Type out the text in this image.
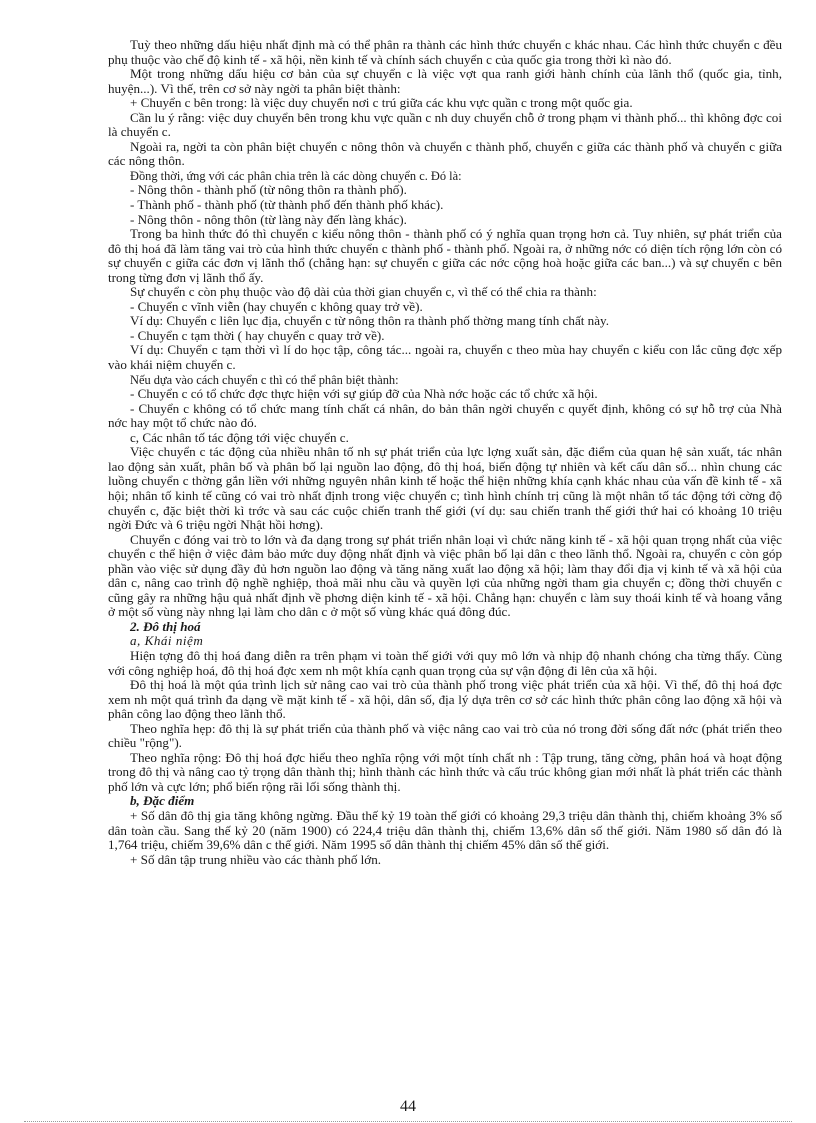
Tuỳ theo những dấu hiệu nhất định mà có thể phân ra thành các hình thức chuyển c khác nhau. Các hình thức chuyển c đều phụ thuộc vào chế độ kinh tế - xã hội, nền kinh tế và chính sách chuyển c của quốc gia trong thời kì nào đó.

Một trong những dấu hiệu cơ bản của sự chuyển c là việc vợt qua ranh giới hành chính của lãnh thổ (quốc gia, tỉnh, huyện...). Vì thế, trên cơ sở này ngời ta phân biệt thành:

+ Chuyển c bên trong: là việc duy chuyển nơi c trú giữa các khu vực quần c trong một quốc gia.

Cần lu ý rằng: việc duy chuyển bên trong khu vực quần c nh duy chuyển chỗ ở trong phạm vi thành phố... thì không đợc coi là chuyển c.

Ngoài ra, ngời ta còn phân biệt chuyển c nông thôn và chuyển c thành phố, chuyển c giữa các thành phố và chuyển c giữa các nông thôn.

Đồng thời, ứng với các phân chia trên là các dòng chuyển c. Đó là:

- Nông thôn - thành phố (từ nông thôn ra thành phố).

- Thành phố - thành phố (từ thành phố đến thành phố khác).

- Nông thôn - nông thôn (từ làng này đến làng khác).

Trong ba hình thức đó thì chuyển c kiểu nông thôn - thành phố có ý nghĩa quan trọng hơn cả. Tuy nhiên, sự phát triển của đô thị hoá đã làm tăng vai trò của hình thức chuyển c thành phố - thành phố. Ngoài ra, ở những nớc có diện tích rộng lớn còn có sự chuyển c giữa các đơn vị lãnh thổ (chẳng hạn: sự chuyển c giữa các nớc cộng hoà hoặc giữa các ban...) và sự chuyển c bên trong từng đơn vị lãnh thổ ấy.

Sự chuyển c còn phụ thuộc vào độ dài của thời gian chuyển c, vì thế có thể chia ra thành:

- Chuyển c vĩnh viễn (hay chuyển c không quay trở về).

Ví dụ: Chuyển c liên lục địa, chuyển c từ nông thôn ra thành phố thờng mang tính chất này.

- Chuyển c tạm thời ( hay chuyển c quay trở về).

Ví dụ: Chuyển c tạm thời vì lí do học tập, công tác... ngoài ra, chuyển c theo mùa hay chuyển c kiểu con lắc cũng đợc xếp vào khái niệm chuyển c.

Nếu dựa vào cách chuyển c thì có thể phân biệt thành:

- Chuyển c có tổ chức đợc thực hiện với sự giúp đỡ của Nhà nớc hoặc các tổ chức xã hội.

- Chuyển c không có tổ chức mang tính chất cá nhân, do bản thân ngời chuyển c quyết định, không có sự hỗ trợ của Nhà nớc hay một tổ chức nào đó.

c, Các nhân tố tác động tới việc chuyển c.

Việc chuyển c tác động của nhiều nhân tố nh sự phát triển của lực lợng xuất sản, đặc điểm của quan hệ sản xuất, tác nhân lao động sản xuất, phân bố và phân bố lại nguồn lao động, đô thị hoá, biến động tự nhiên và kết cấu dân số... nhìn chung các luồng chuyển c thờng gắn liền với những nguyên nhân kinh tế hoặc thể hiện những khía cạnh khác nhau của vấn đề kinh tế - xã hội; nhân tố kinh tế cũng có vai trò nhất định trong việc chuyển c; tình hình chính trị cũng là một nhân tố tác động tới cờng độ chuyển c, đặc biệt thời kì trớc và sau các cuộc chiến tranh thế giới (ví dụ: sau chiến tranh thế giới thứ hai có khoảng 10 triệu ngời Đức và 6 triệu ngời Nhật hồi hơng).

Chuyển c đóng vai trò to lớn và đa dạng trong sự phát triển nhân loại vì chức năng kinh tế - xã hội quan trọng nhất của việc chuyển c thể hiện ở việc đảm bảo mức duy động nhất định và việc phân bố lại dân c theo lãnh thổ. Ngoài ra, chuyển c còn góp phần vào việc sử dụng đầy đủ hơn nguồn lao động và tăng năng xuất lao động xã hội; làm thay đổi địa vị kinh tế và xã hội của dân c, nâng cao trình độ nghề nghiệp, thoả mãi nhu cầu và quyền lợi của những ngời tham gia chuyển c; đồng thời chuyển c cũng gây ra những hậu quả nhất định về phơng diện kinh tế - xã hội. Chẳng hạn: chuyển c làm suy thoái kinh tế và hoang vắng ở một số vùng này nhng lại làm cho dân c ở một số vùng khác quá đông đúc.

2. Đô thị hoá

a, Khái niệm

Hiện tợng đô thị hoá đang diễn ra trên phạm vi toàn thế giới với quy mô lớn và nhịp độ nhanh chóng cha từng thấy. Cùng với công nghiệp hoá, đô thị hoá đợc xem nh một khía cạnh quan trọng của sự vận động đi lên của xã hội.

Đô thị hoá là một qúa trình lịch sử nâng cao vai trò của thành phố trong việc phát triển của xã hội. Vì thế, đô thị hoá đợc xem nh một quá trình đa dạng về mặt kinh tế - xã hội, dân số, địa lý dựa trên cơ sở các hình thức phân công lao động xã hội và phân công lao động theo lãnh thổ.

Theo nghĩa hẹp: đô thị là sự phát triển của thành phố và việc nâng cao vai trò của nó trong đời sống đất nớc (phát triển theo chiều "rộng").

Theo nghĩa rộng: Đô thị hoá đợc hiểu theo nghĩa rộng với một tính chất nh : Tập trung, tăng cờng, phân hoá và hoạt động trong đô thị và nâng cao tỷ trọng dân thành thị; hình thành các hình thức và cấu trúc không gian mới nhất là phát triển các thành phố lớn và cực lớn; phổ biến rộng rãi lối sống thành thị.

b, Đặc điểm

+ Số dân đô thị gia tăng không ngừng. Đầu thế kỷ 19 toàn thế giới có khoảng 29,3 triệu dân thành thị, chiếm khoảng 3% số dân toàn cầu. Sang thế kỷ 20 (năm 1900) có 224,4 triệu dân thành thị, chiếm 13,6% dân số thế giới. Năm 1980 số dân đó là 1,764 triệu, chiếm 39,6% dân c thế giới. Năm 1995 số dân thành thị chiếm 45% dân số thế giới.

+ Số dân tập trung nhiều vào các thành phố lớn.

44
